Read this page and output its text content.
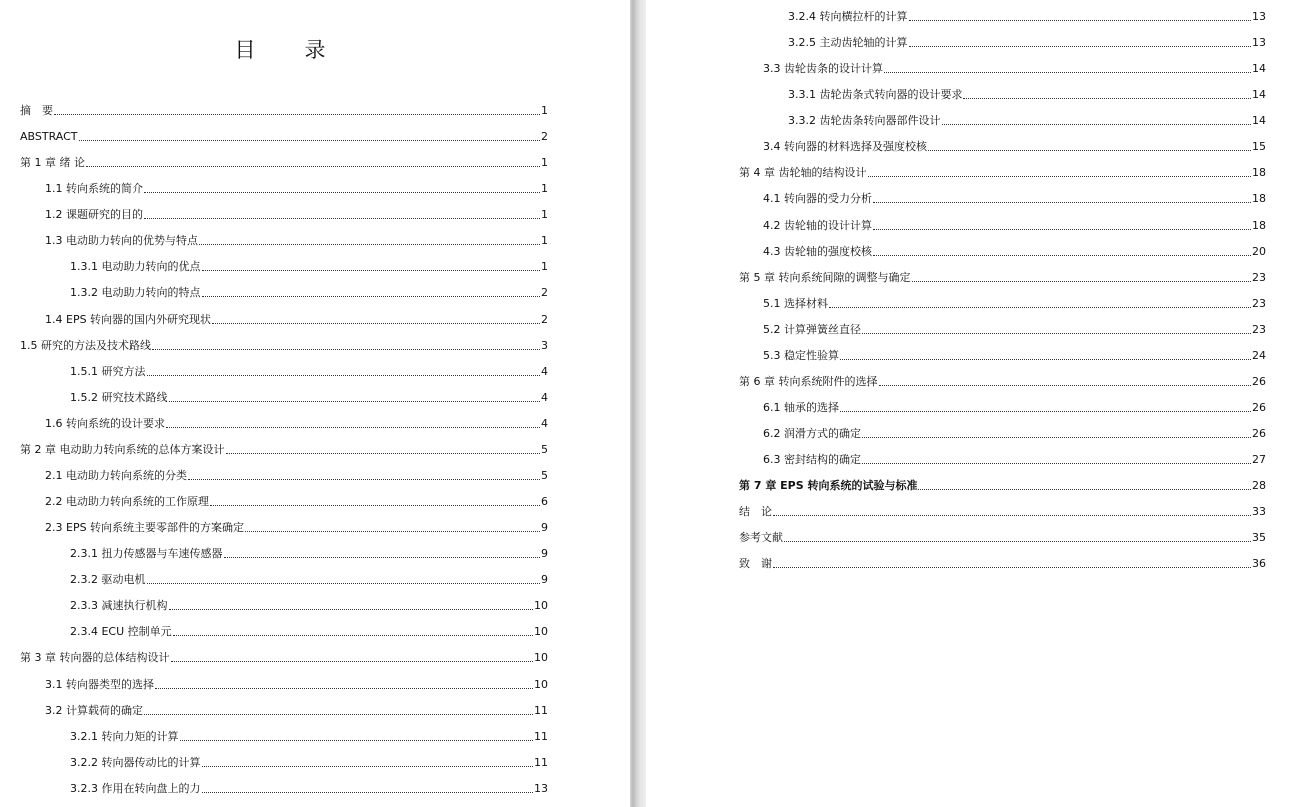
目　录
摘　要	1
ABSTRACT	2
第 1 章 绪 论	1
1.1 转向系统的简介	1
1.2 课题研究的目的	1
1.3 电动助力转向的优势与特点	1
1.3.1 电动助力转向的优点	1
1.3.2 电动助力转向的特点	2
1.4 EPS 转向器的国内外研究现状	2
1.5 研究的方法及技术路线	3
1.5.1 研究方法	4
1.5.2 研究技术路线	4
1.6 转向系统的设计要求	4
第 2 章 电动助力转向系统的总体方案设计	5
2.1 电动助力转向系统的分类	5
2.2 电动助力转向系统的工作原理	6
2.3 EPS 转向系统主要零部件的方案确定	9
2.3.1 扭力传感器与车速传感器	9
2.3.2 驱动电机	9
2.3.3 减速执行机构	10
2.3.4 ECU 控制单元	10
第 3 章 转向器的总体结构设计	10
3.1 转向器类型的选择	10
3.2 计算载荷的确定	11
3.2.1 转向力矩的计算	11
3.2.2 转向器传动比的计算	11
3.2.3 作用在转向盘上的力	13
3.2.4 转向横拉杆的计算	13
3.2.5 主动齿轮轴的计算	13
3.3 齿轮齿条的设计计算	14
3.3.1 齿轮齿条式转向器的设计要求	14
3.3.2 齿轮齿条转向器部件设计	14
3.4 转向器的材料选择及强度校核	15
第 4 章 齿轮轴的结构设计	18
4.1 转向器的受力分析	18
4.2 齿轮轴的设计计算	18
4.3 齿轮轴的强度校核	20
第 5 章 转向系统间隙的调整与确定	23
5.1 选择材料	23
5.2 计算弹簧丝直径	23
5.3 稳定性验算	24
第 6 章 转向系统附件的选择	26
6.1 轴承的选择	26
6.2 润滑方式的确定	26
6.3 密封结构的确定	27
第 7 章 EPS 转向系统的试验与标准	28
结　论	33
参考文献	35
致　谢	36
